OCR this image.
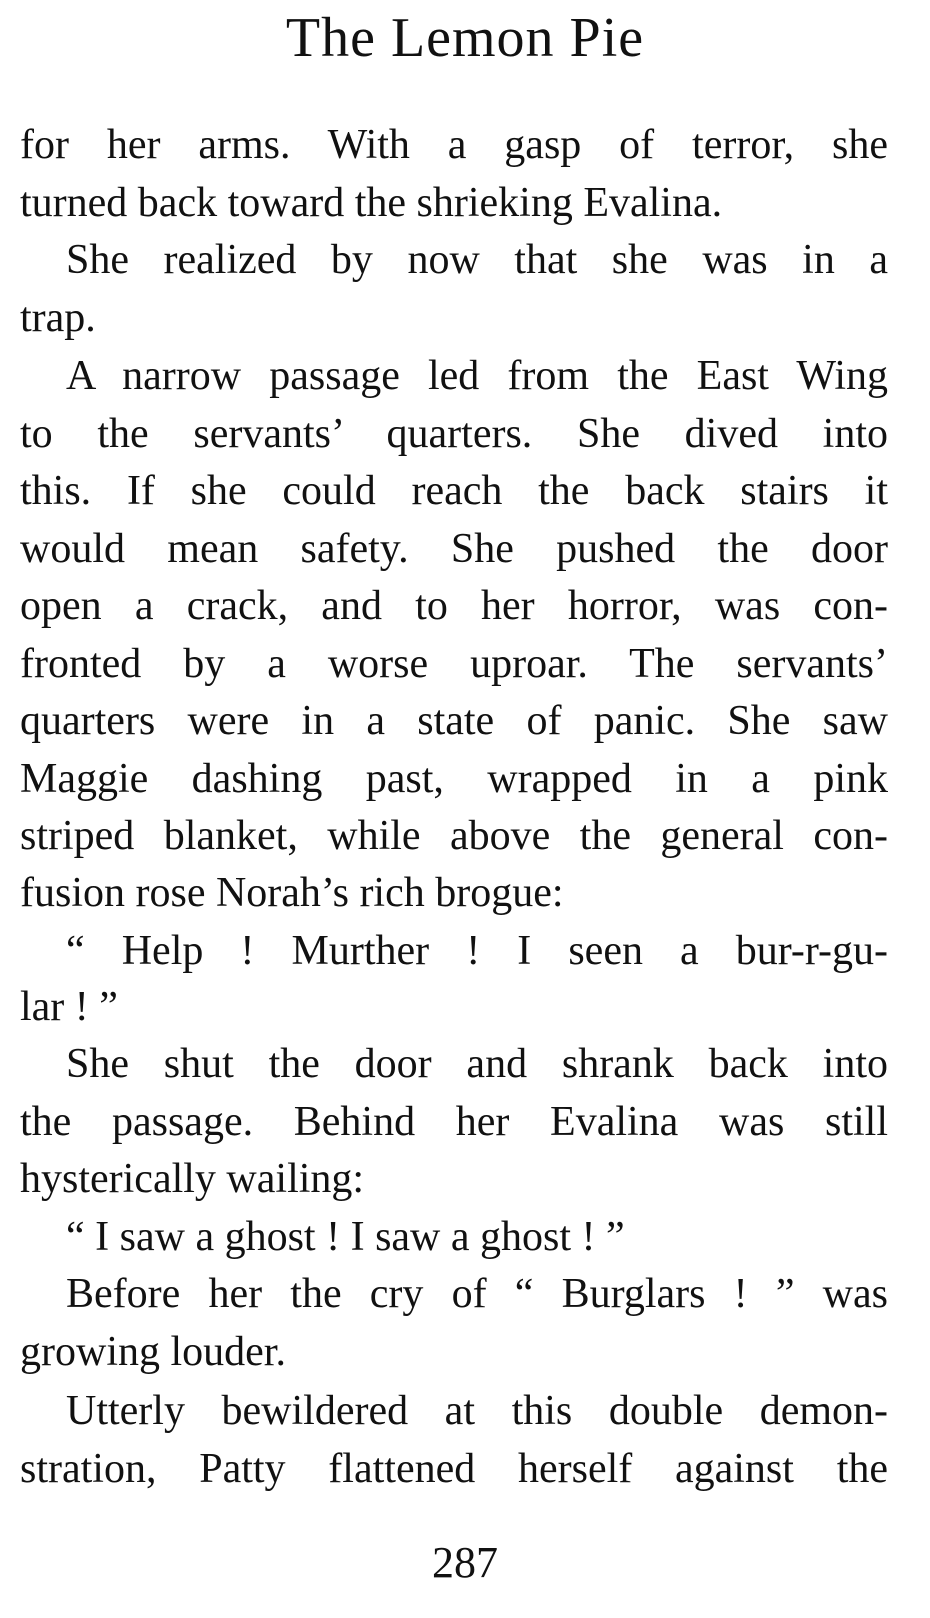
The Lemon Pie
for her arms. With a gasp of terror, she
turned back toward the shrieking Evalina.
She realized by now that she was in a
trap.
A narrow passage led from the East Wing
to the servants’ quarters. She dived into
this. If she could reach the back stairs it
would mean safety. She pushed the door
open a crack, and to her horror, was con-
fronted by a worse uproar. The servants’
quarters were in a state of panic. She saw
Maggie dashing past, wrapped in a pink
striped blanket, while above the general con-
fusion rose Norah’s rich brogue:
“ Help ! Murther ! I seen a bur-r-gu-
lar ! ”
She shut the door and shrank back into
the passage. Behind her Evalina was still
hysterically wailing:
“ I saw a ghost ! I saw a ghost ! ”
Before her the cry of “ Burglars ! ” was
growing louder.
Utterly bewildered at this double demon-
stration, Patty flattened herself against the
287
